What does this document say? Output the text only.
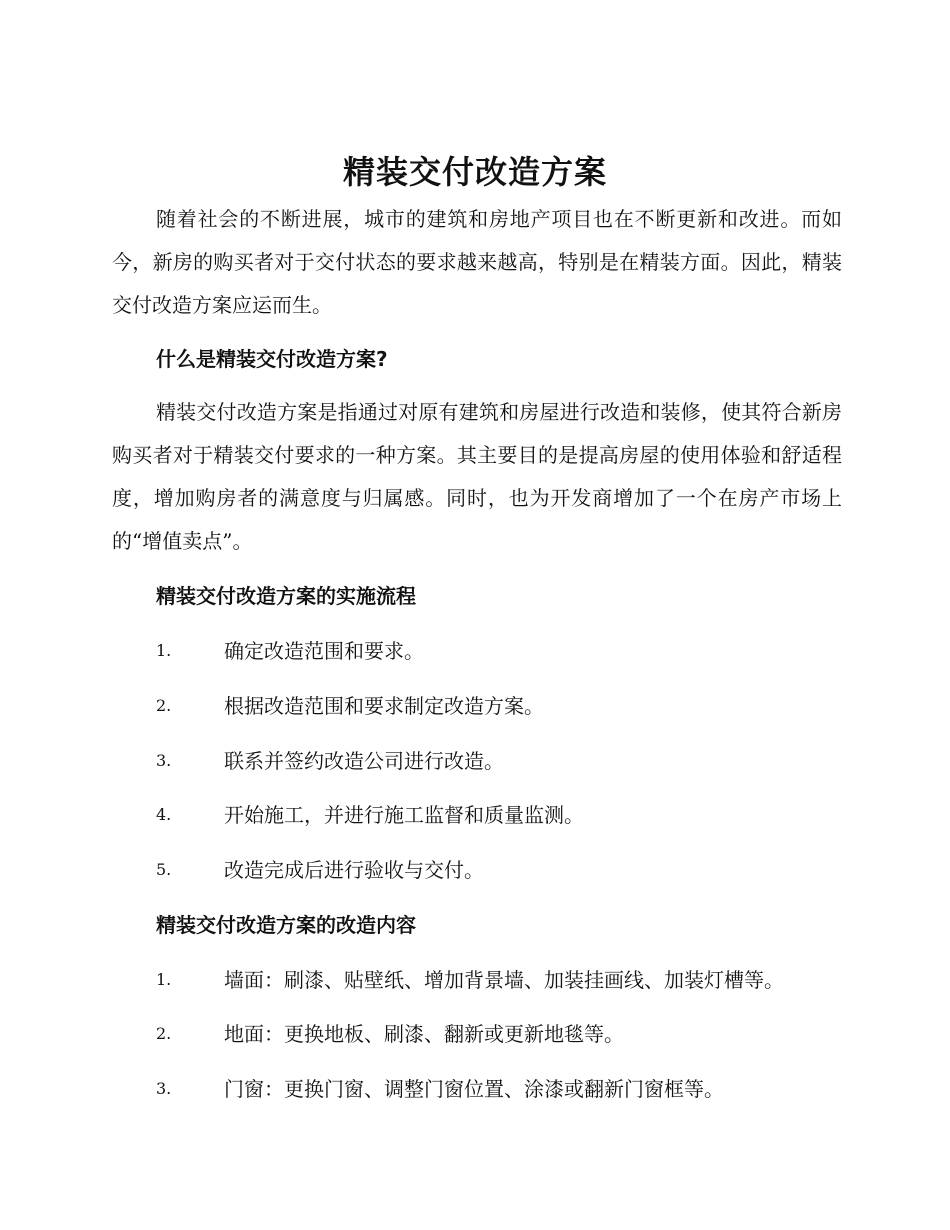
精装交付改造方案

随着社会的不断进展，城市的建筑和房地产项目也在不断更新和改进。而如今，新房的购买者对于交付状态的要求越来越高，特别是在精装方面。因此，精装交付改造方案应运而生。

什么是精装交付改造方案?

精装交付改造方案是指通过对原有建筑和房屋进行改造和装修，使其符合新房购买者对于精装交付要求的一种方案。其主要目的是提高房屋的使用体验和舒适程度，增加购房者的满意度与归属感。同时，也为开发商增加了一个在房产市场上的“增值卖点”。

精装交付改造方案的实施流程
1.	确定改造范围和要求。
2.	根据改造范围和要求制定改造方案。
3.	联系并签约改造公司进行改造。
4.	开始施工，并进行施工监督和质量监测。
5.	改造完成后进行验收与交付。
精装交付改造方案的改造内容
1.	墙面：刷漆、贴壁纸、增加背景墙、加装挂画线、加装灯槽等。
2.	地面：更换地板、刷漆、翻新或更新地毯等。
3.	门窗：更换门窗、调整门窗位置、涂漆或翻新门窗框等。
